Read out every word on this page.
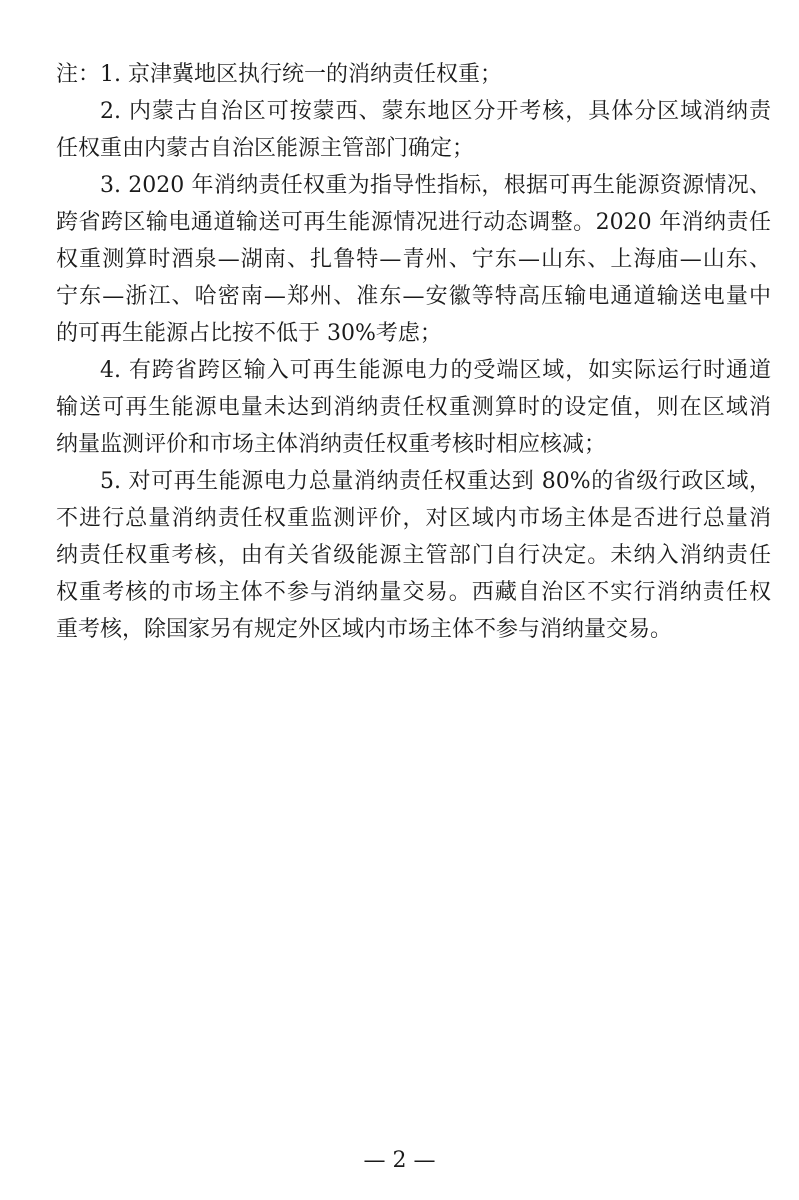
注：1. 京津冀地区执行统一的消纳责任权重；
2. 内蒙古自治区可按蒙西、蒙东地区分开考核，具体分区域消纳责
任权重由内蒙古自治区能源主管部门确定；
3. 2020 年消纳责任权重为指导性指标，根据可再生能源资源情况、
跨省跨区输电通道输送可再生能源情况进行动态调整。2020 年消纳责任
权重测算时酒泉—湖南、扎鲁特—青州、宁东—山东、上海庙—山东、
宁东—浙江、哈密南—郑州、准东—安徽等特高压输电通道输送电量中
的可再生能源占比按不低于 30%考虑；
4. 有跨省跨区输入可再生能源电力的受端区域，如实际运行时通道
输送可再生能源电量未达到消纳责任权重测算时的设定值，则在区域消
纳量监测评价和市场主体消纳责任权重考核时相应核减；
5. 对可再生能源电力总量消纳责任权重达到 80%的省级行政区域，
不进行总量消纳责任权重监测评价，对区域内市场主体是否进行总量消
纳责任权重考核，由有关省级能源主管部门自行决定。未纳入消纳责任
权重考核的市场主体不参与消纳量交易。西藏自治区不实行消纳责任权
重考核，除国家另有规定外区域内市场主体不参与消纳量交易。
— 2 —
